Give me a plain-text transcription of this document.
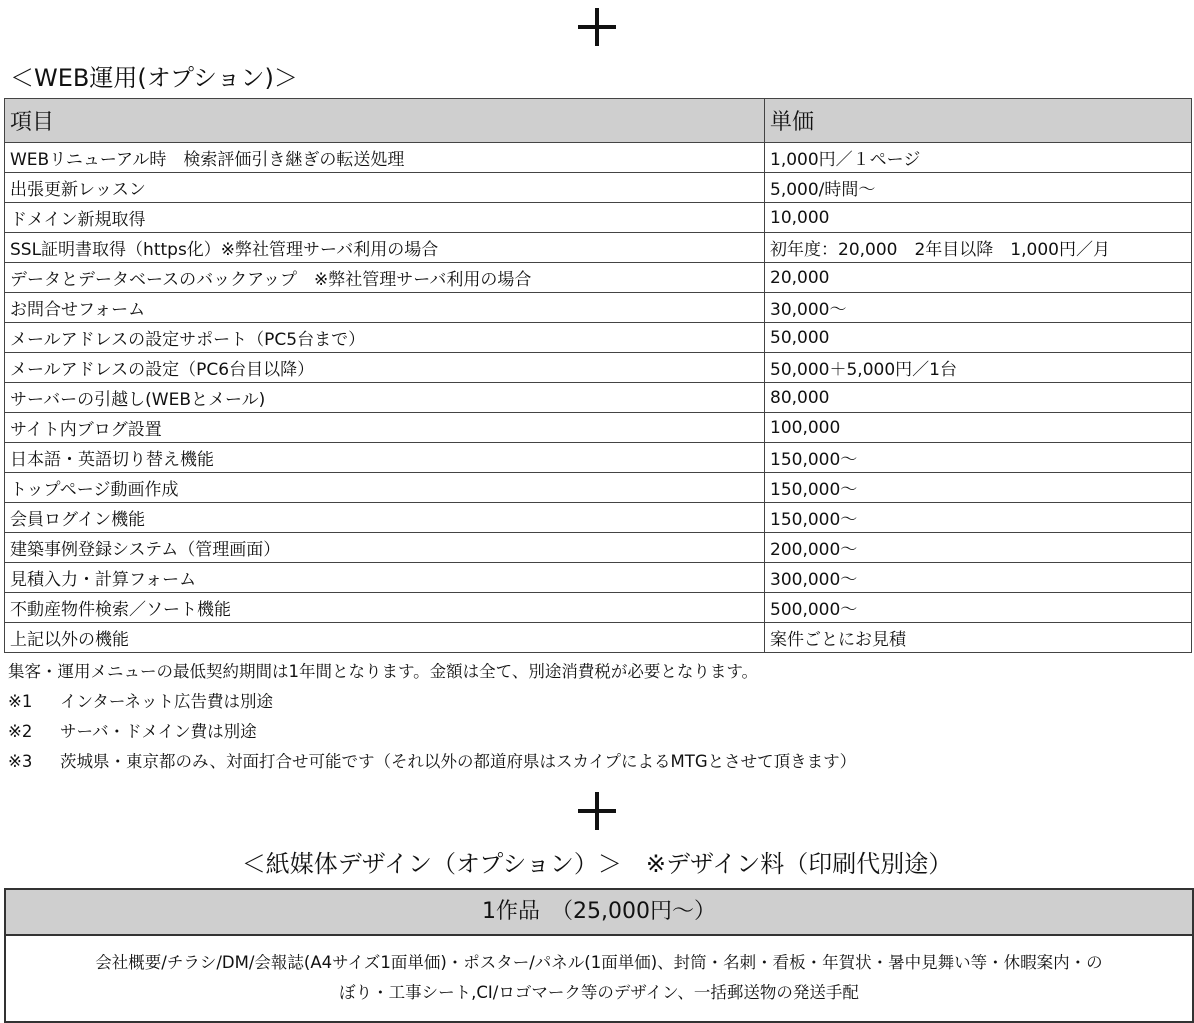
＜WEB運用(オプション)＞
項目	単価
WEBリニューアル時　検索評価引き継ぎの転送処理	1,000円／１ページ
出張更新レッスン	5,000/時間〜
ドメイン新規取得	10,000
SSL証明書取得（https化）※弊社管理サーバ利用の場合	初年度：20,000　2年目以降　1,000円／月
データとデータベースのバックアップ　※弊社管理サーバ利用の場合	20,000
お問合せフォーム	30,000〜
メールアドレスの設定サポート（PC5台まで）	50,000
メールアドレスの設定（PC6台目以降）	50,000＋5,000円／1台
サーバーの引越し(WEBとメール)	80,000
サイト内ブログ設置	100,000
日本語・英語切り替え機能	150,000〜
トップページ動画作成	150,000〜
会員ログイン機能	150,000〜
建築事例登録システム（管理画面）	200,000〜
見積入力・計算フォーム	300,000〜
不動産物件検索／ソート機能	500,000〜
上記以外の機能	案件ごとにお見積
集客・運用メニューの最低契約期間は1年間となります。金額は全て、別途消費税が必要となります。
※1	インターネット広告費は別途
※2	サーバ・ドメイン費は別途
※3	茨城県・東京都のみ、対面打合せ可能です（それ以外の都道府県はスカイプによるMTGとさせて頂きます）
＜紙媒体デザイン（オプション）＞　※デザイン料（印刷代別途）
1作品　（25,000円〜）
会社概要/チラシ/DM/会報誌(A4サイズ1面単価)・ポスター/パネル(1面単価)、封筒・名刺・看板・年賀状・暑中見舞い等・休暇案内・の
ぼり・工事シート,CI/ロゴマーク等のデザイン、一括郵送物の発送手配
